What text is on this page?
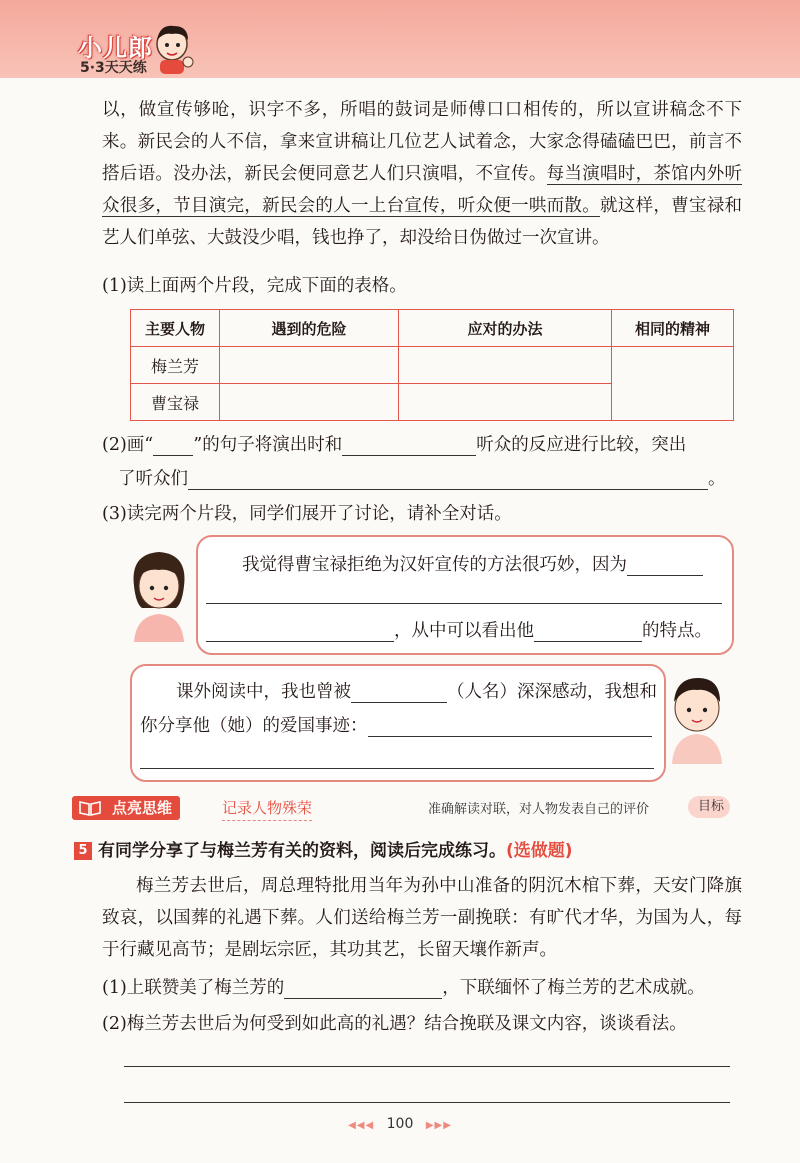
小儿郎
5·3天天练
以，做宣传够呛，识字不多，所唱的鼓词是师傅口口相传的，所以宣讲稿念不下来。新民会的人不信，拿来宣讲稿让几位艺人试着念，大家念得磕磕巴巴，前言不搭后语。没办法，新民会便同意艺人们只演唱，不宣传。每当演唱时，茶馆内外听众很多，节目演完，新民会的人一上台宣传，听众便一哄而散。就这样，曹宝禄和艺人们单弦、大鼓没少唱，钱也挣了，却没给日伪做过一次宣讲。
(1)读上面两个片段，完成下面的表格。
主要人物	遇到的危险	应对的办法	相同的精神
梅兰芳			
曹宝禄			
(2)画“ ”的句子将演出时和	听众的反应进行比较，突出
了听众们	。
(3)读完两个片段，同学们展开了讨论，请补全对话。
我觉得曹宝禄拒绝为汉奸宣传的方法很巧妙，因为
，从中可以看出他	的特点。
课外阅读中，我也曾被	（人名）深深感动，我想和
你分享他（她）的爱国事迹：
点亮思维	记录人物殊荣	准确解读对联，对人物发表自己的评价	目标
5 有同学分享了与梅兰芳有关的资料，阅读后完成练习。(选做题)
梅兰芳去世后，周总理特批用当年为孙中山准备的阴沉木棺下葬，天安门降旗致哀，以国葬的礼遇下葬。人们送给梅兰芳一副挽联：有旷代才华，为国为人，每于行藏见高节；是剧坛宗匠，其功其艺，长留天壤作新声。
(1)上联赞美了梅兰芳的	，下联缅怀了梅兰芳的艺术成就。
(2)梅兰芳去世后为何受到如此高的礼遇？结合挽联及课文内容，谈谈看法。
◀◀◀ 100 ▶▶▶
